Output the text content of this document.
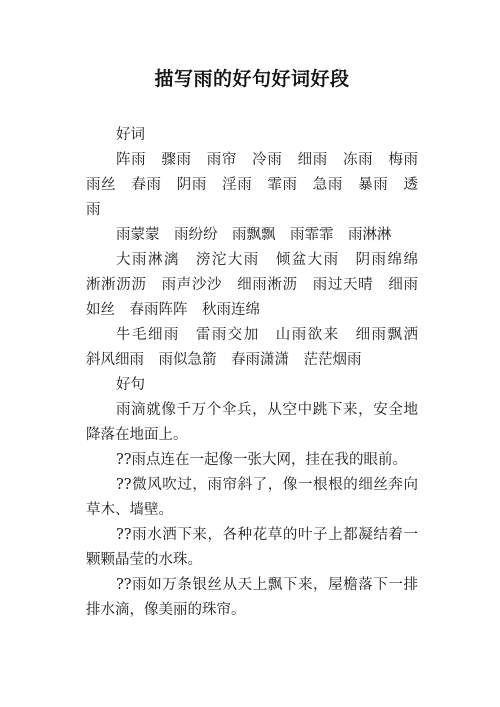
描写雨的好句好词好段

好词

阵雨　骤雨　雨帘　冷雨　细雨　冻雨　梅雨　雨丝　春雨　阴雨　淫雨　霏雨　急雨　暴雨　透雨

雨蒙蒙　雨纷纷　雨飘飘　雨霏霏　雨淋淋

大雨淋漓　滂沱大雨　倾盆大雨　阴雨绵绵　淅淅沥沥　雨声沙沙　细雨淅沥　雨过天晴　细雨如丝　春雨阵阵　秋雨连绵

牛毛细雨　雷雨交加　山雨欲来　细雨飘洒　斜风细雨　雨似急箭　春雨潇潇　茫茫烟雨

好句

雨滴就像千万个伞兵，从空中跳下来，安全地降落在地面上。

??雨点连在一起像一张大网，挂在我的眼前。

??微风吹过，雨帘斜了，像一根根的细丝奔向草木、墙壁。

??雨水洒下来，各种花草的叶子上都凝结着一颗颗晶莹的水珠。

??雨如万条银丝从天上飘下来，屋檐落下一排排水滴，像美丽的珠帘。
